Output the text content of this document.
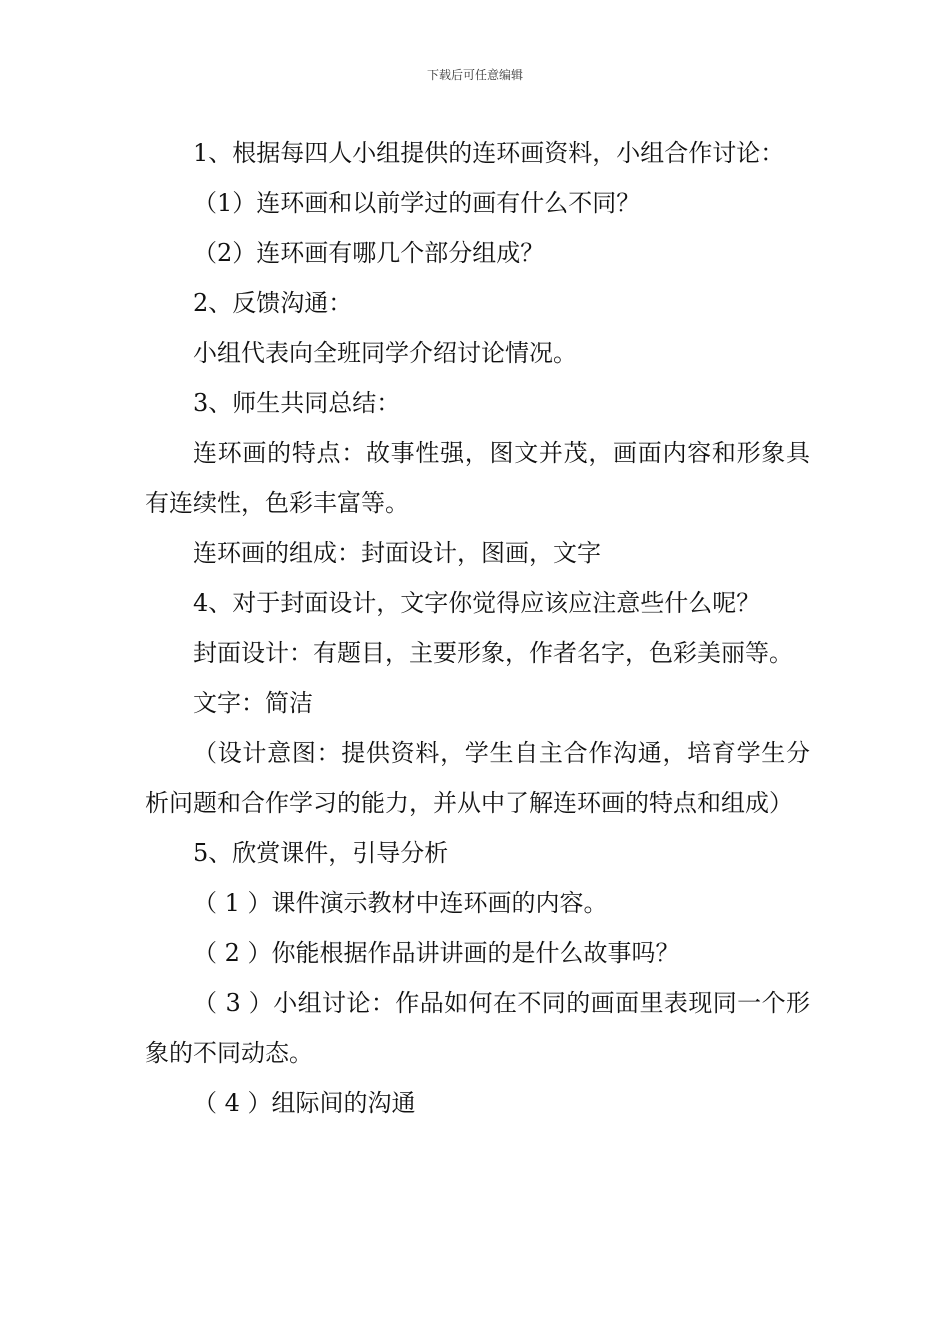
下载后可任意编辑

1、根据每四人小组提供的连环画资料，小组合作讨论：

（1）连环画和以前学过的画有什么不同？

（2）连环画有哪几个部分组成？

2、反馈沟通：

小组代表向全班同学介绍讨论情况。

3、师生共同总结：

连环画的特点：故事性强，图文并茂，画面内容和形象具有连续性，色彩丰富等。

连环画的组成：封面设计，图画，文字

4、对于封面设计，文字你觉得应该应注意些什么呢？

封面设计：有题目，主要形象，作者名字，色彩美丽等。

文字：简洁

（设计意图：提供资料，学生自主合作沟通，培育学生分析问题和合作学习的能力，并从中了解连环画的特点和组成）

5、欣赏课件，引导分析

（ 1 ）课件演示教材中连环画的内容。

（ 2 ）你能根据作品讲讲画的是什么故事吗？

（ 3 ）小组讨论：作品如何在不同的画面里表现同一个形象的不同动态。

（ 4 ）组际间的沟通
